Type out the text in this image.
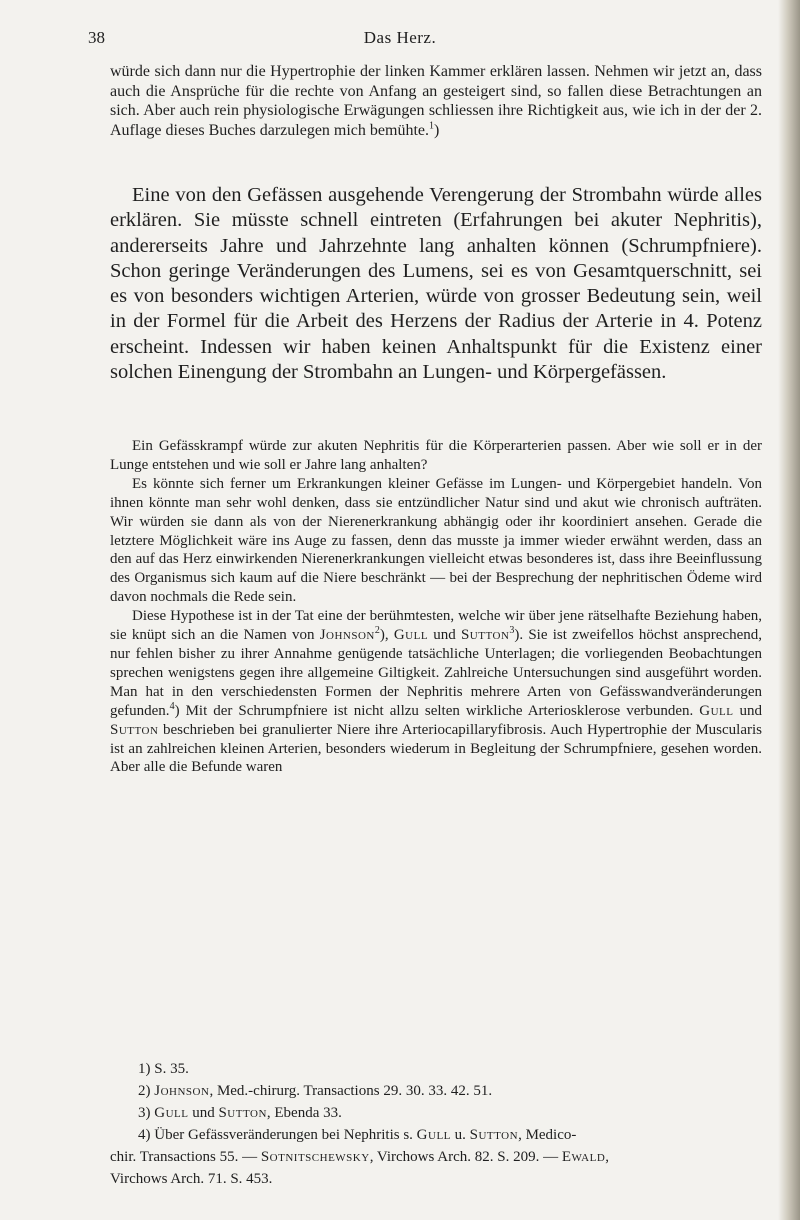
38	Das Herz.

würde sich dann nur die Hypertrophie der linken Kammer erklären lassen. Nehmen wir jetzt an, dass auch die Ansprüche für die rechte von Anfang an gesteigert sind, so fallen diese Betrachtungen an sich. Aber auch rein physiologische Erwägungen schliessen ihre Richtigkeit aus, wie ich in der der 2. Auflage dieses Buches darzulegen mich bemühte.$^1$)

Eine von den Gefässen ausgehende Verengerung der Strombahn würde alles erklären. Sie müsste schnell eintreten (Erfahrungen bei akuter Nephritis), andererseits Jahre und Jahrzehnte lang anhalten können (Schrumpfniere). Schon geringe Veränderungen des Lumens, sei es von Gesamtquerschnitt, sei es von besonders wichtigen Arterien, würde von grosser Bedeutung sein, weil in der Formel für die Arbeit des Herzens der Radius der Arterie in 4. Potenz erscheint. Indessen wir haben keinen Anhaltspunkt für die Existenz einer solchen Einengung der Strombahn an Lungen- und Körpergefässen.

Ein Gefässkrampf würde zur akuten Nephritis für die Körperarterien passen. Aber wie soll er in der Lunge entstehen und wie soll er Jahre lang anhalten?

Es könnte sich ferner um Erkrankungen kleiner Gefässe im Lungen- und Körpergebiet handeln. Von ihnen könnte man sehr wohl denken, dass sie entzündlicher Natur sind und akut wie chronisch aufträten. Wir würden sie dann als von der Nierenerkrankung abhängig oder ihr koordiniert ansehen. Gerade die letztere Möglichkeit wäre ins Auge zu fassen, denn das musste ja immer wieder erwähnt werden, dass an den auf das Herz einwirkenden Nierenerkrankungen vielleicht etwas besonderes ist, dass ihre Beeinflussung des Organismus sich kaum auf die Niere beschränkt — bei der Besprechung der nephritischen Ödeme wird davon nochmals die Rede sein.

Diese Hypothese ist in der Tat eine der berühmtesten, welche wir über jene rätselhafte Beziehung haben, sie knüpt sich an die Namen von Johnson$^2$), Gull und Sutton$^3$). Sie ist zweifellos höchst ansprechend, nur fehlen bisher zu ihrer Annahme genügende tatsächliche Unterlagen; die vorliegenden Beobachtungen sprechen wenigstens gegen ihre allgemeine Giltigkeit. Zahlreiche Untersuchungen sind ausgeführt worden. Man hat in den verschiedensten Formen der Nephritis mehrere Arten von Gefässwandveränderungen gefunden.$^4$) Mit der Schrumpfniere ist nicht allzu selten wirkliche Arteriosklerose verbunden. Gull und Sutton beschrieben bei granulierter Niere ihre Arteriocapillaryfibrosis. Auch Hypertrophie der Muscularis ist an zahlreichen kleinen Arterien, besonders wiederum in Begleitung der Schrumpfniere, gesehen worden. Aber alle die Befunde waren

1) S. 35.

2) Johnson, Med.-chirurg. Transactions 29. 30. 33. 42. 51.

3) Gull und Sutton, Ebenda 33.

4) Über Gefässveränderungen bei Nephritis s. Gull u. Sutton, Medico-

chir. Transactions 55. — Sotnitschewsky, Virchows Arch. 82. S. 209. — Ewald,

Virchows Arch. 71. S. 453.
